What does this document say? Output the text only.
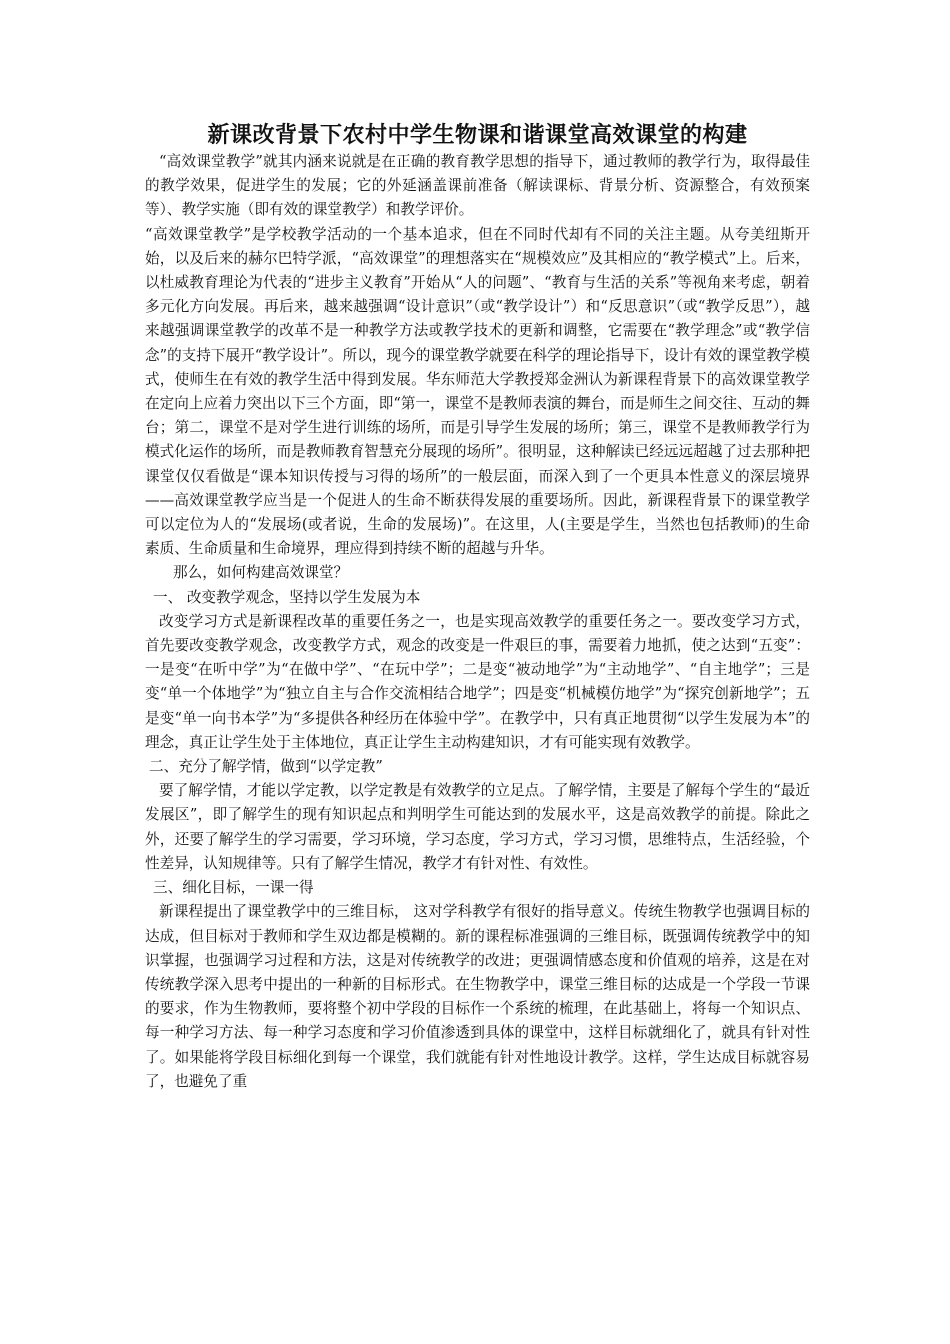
新课改背景下农村中学生物课和谐课堂高效课堂的构建

“高效课堂教学”就其内涵来说就是在正确的教育教学思想的指导下，通过教师的教学行为，取得最佳的教学效果，促进学生的发展；它的外延涵盖课前准备（解读课标、背景分析、资源整合，有效预案等）、教学实施（即有效的课堂教学）和教学评价。

“高效课堂教学”是学校教学活动的一个基本追求，但在不同时代却有不同的关注主题。从夸美纽斯开始，以及后来的赫尔巴特学派，“高效课堂”的理想落实在“规模效应”及其相应的“教学模式”上。后来，以杜威教育理论为代表的“进步主义教育”开始从“人的问题”、“教育与生活的关系”等视角来考虑，朝着多元化方向发展。再后来，越来越强调“设计意识”（或“教学设计”）和“反思意识”（或“教学反思”），越来越强调课堂教学的改革不是一种教学方法或教学技术的更新和调整，它需要在“教学理念”或“教学信念”的支持下展开“教学设计”。所以，现今的课堂教学就要在科学的理论指导下，设计有效的课堂教学模式，使师生在有效的教学生活中得到发展。华东师范大学教授郑金洲认为新课程背景下的高效课堂教学在定向上应着力突出以下三个方面，即“第一，课堂不是教师表演的舞台，而是师生之间交往、互动的舞台；第二，课堂不是对学生进行训练的场所，而是引导学生发展的场所；第三，课堂不是教师教学行为模式化运作的场所，而是教师教育智慧充分展现的场所”。很明显，这种解读已经远远超越了过去那种把课堂仅仅看做是“课本知识传授与习得的场所”的一般层面，而深入到了一个更具本性意义的深层境界——高效课堂教学应当是一个促进人的生命不断获得发展的重要场所。因此，新课程背景下的课堂教学可以定位为人的“发展场(或者说，生命的发展场)”。在这里，人(主要是学生，当然也包括教师)的生命素质、生命质量和生命境界，理应得到持续不断的超越与升华。

那么，如何构建高效课堂？

一、 改变教学观念，坚持以学生发展为本

改变学习方式是新课程改革的重要任务之一，也是实现高效教学的重要任务之一。要改变学习方式，首先要改变教学观念，改变教学方式，观念的改变是一件艰巨的事，需要着力地抓，使之达到“五变”：一是变“在听中学”为“在做中学”、“在玩中学”；二是变“被动地学”为“主动地学”、“自主地学”；三是变“单一个体地学”为“独立自主与合作交流相结合地学”；四是变“机械模仿地学”为“探究创新地学”；五是变“单一向书本学”为“多提供各种经历在体验中学”。在教学中，只有真正地贯彻“以学生发展为本”的理念，真正让学生处于主体地位，真正让学生主动构建知识，才有可能实现有效教学。

二、充分了解学情，做到“以学定教”

要了解学情，才能以学定教，以学定教是有效教学的立足点。了解学情，主要是了解每个学生的“最近发展区”，即了解学生的现有知识起点和判明学生可能达到的发展水平，这是高效教学的前提。除此之外，还要了解学生的学习需要，学习环境，学习态度，学习方式，学习习惯，思维特点，生活经验，个性差异，认知规律等。只有了解学生情况，教学才有针对性、有效性。

三、细化目标，一课一得

新课程提出了课堂教学中的三维目标， 这对学科教学有很好的指导意义。传统生物教学也强调目标的达成，但目标对于教师和学生双边都是模糊的。新的课程标准强调的三维目标，既强调传统教学中的知识掌握，也强调学习过程和方法，这是对传统教学的改进；更强调情感态度和价值观的培养，这是在对传统教学深入思考中提出的一种新的目标形式。在生物教学中，课堂三维目标的达成是一个学段一节课的要求，作为生物教师，要将整个初中学段的目标作一个系统的梳理，在此基础上，将每一个知识点、每一种学习方法、每一种学习态度和学习价值渗透到具体的课堂中，这样目标就细化了，就具有针对性了。如果能将学段目标细化到每一个课堂，我们就能有针对性地设计教学。这样，学生达成目标就容易了，也避免了重
